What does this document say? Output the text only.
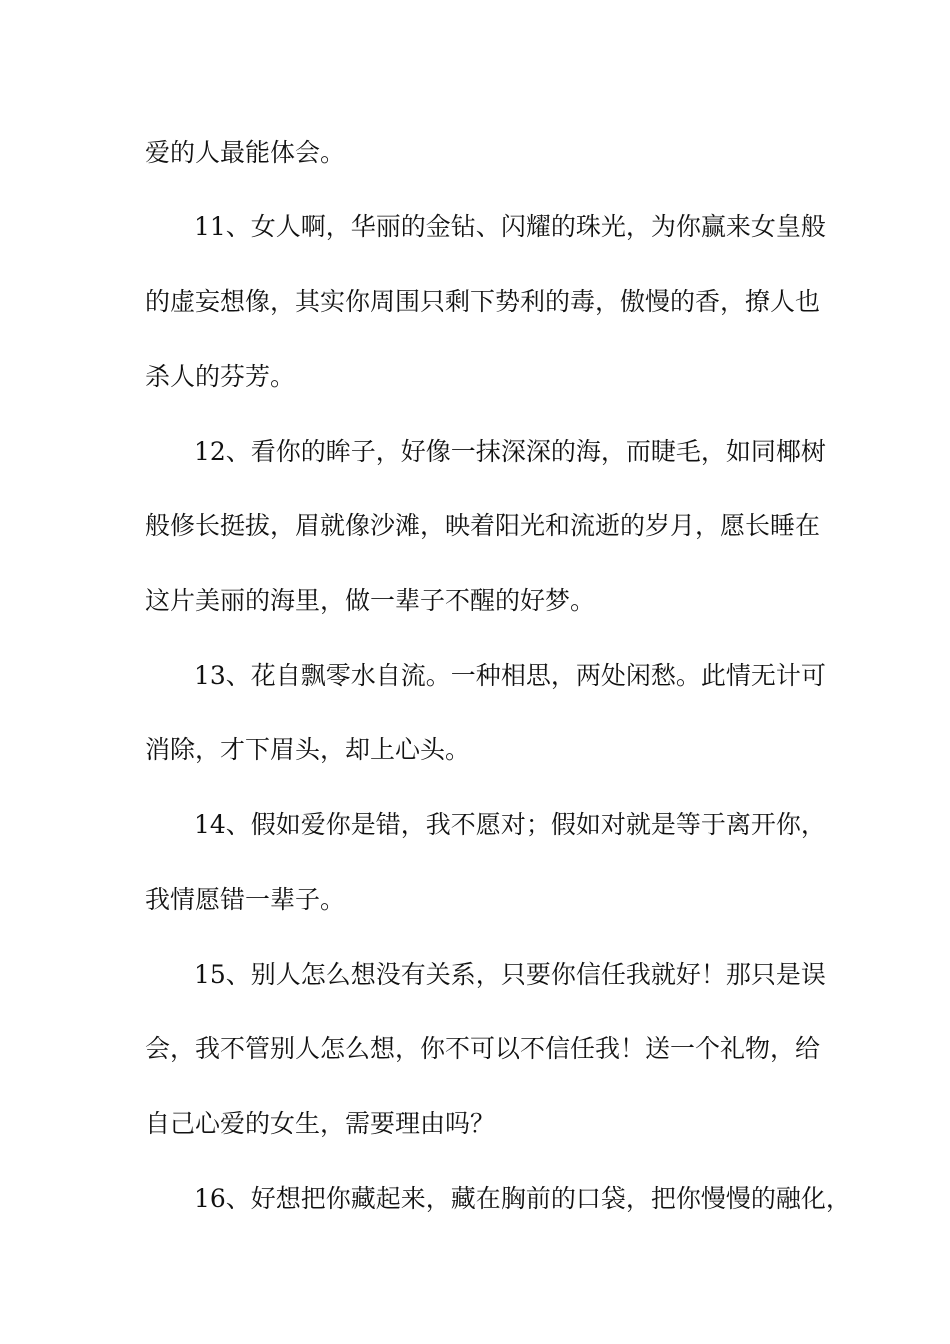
爱的人最能体会。

11、女人啊，华丽的金钻、闪耀的珠光，为你赢来女皇般

的虚妄想像，其实你周围只剩下势利的毒，傲慢的香，撩人也

杀人的芬芳。

12、看你的眸子，好像一抹深深的海，而睫毛，如同椰树

般修长挺拔，眉就像沙滩，映着阳光和流逝的岁月，愿长睡在

这片美丽的海里，做一辈子不醒的好梦。

13、花自飘零水自流。一种相思，两处闲愁。此情无计可

消除，才下眉头，却上心头。

14、假如爱你是错，我不愿对；假如对就是等于离开你，

我情愿错一辈子。

15、别人怎么想没有关系，只要你信任我就好！那只是误

会，我不管别人怎么想，你不可以不信任我！送一个礼物，给

自己心爱的女生，需要理由吗？

16、好想把你藏起来，藏在胸前的口袋，把你慢慢的融化，
